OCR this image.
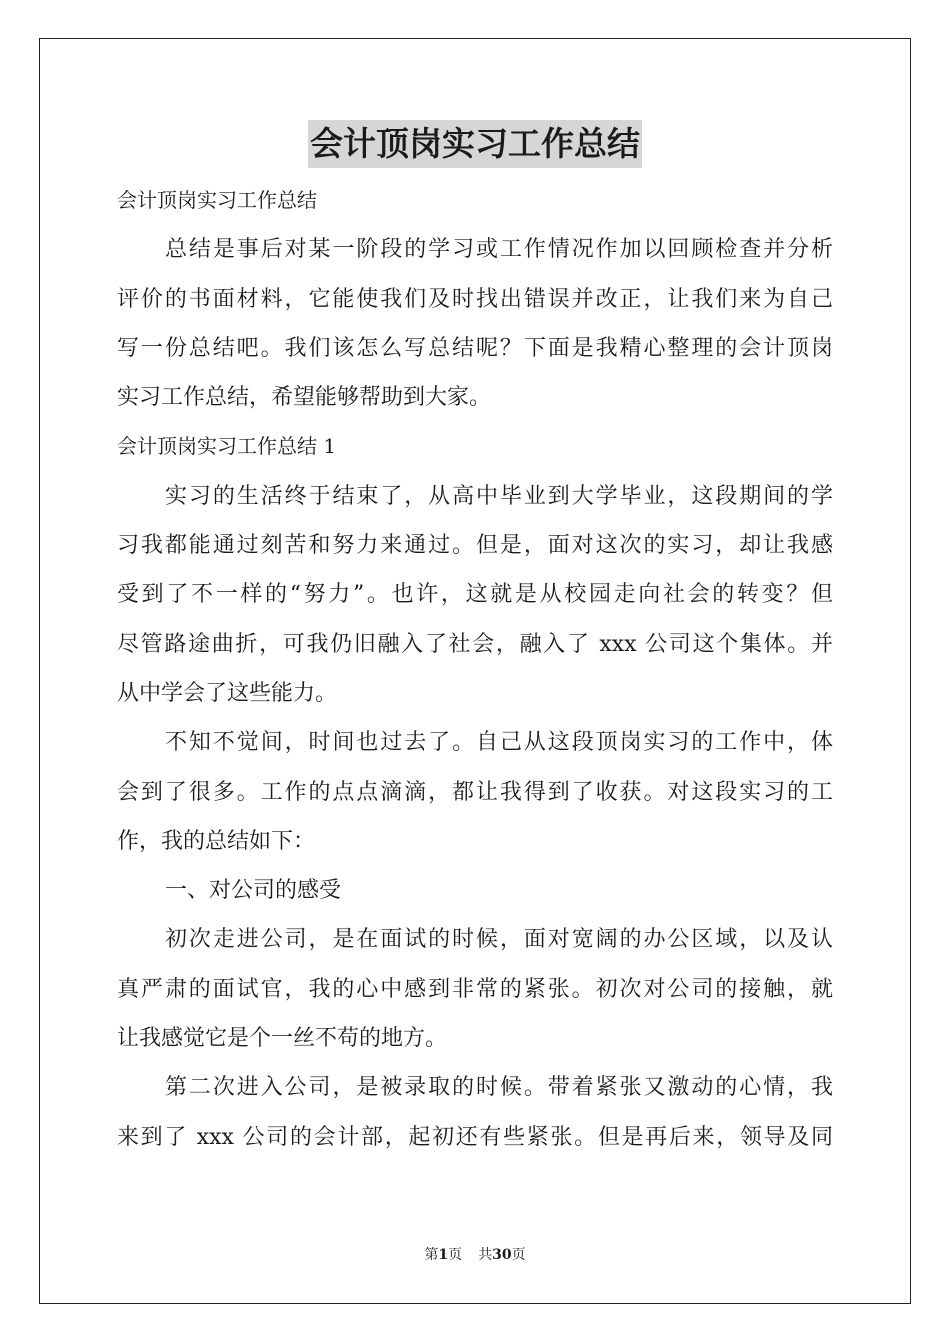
会计顶岗实习工作总结
会计顶岗实习工作总结
总结是事后对某一阶段的学习或工作情况作加以回顾检查并分析
评价的书面材料，它能使我们及时找出错误并改正，让我们来为自己
写一份总结吧。我们该怎么写总结呢？下面是我精心整理的会计顶岗
实习工作总结，希望能够帮助到大家。
会计顶岗实习工作总结 1
实习的生活终于结束了，从高中毕业到大学毕业，这段期间的学
习我都能通过刻苦和努力来通过。但是，面对这次的实习，却让我感
受到了不一样的“努力”。也许，这就是从校园走向社会的转变？但
尽管路途曲折，可我仍旧融入了社会，融入了 xxx 公司这个集体。并
从中学会了这些能力。
不知不觉间，时间也过去了。自己从这段顶岗实习的工作中，体
会到了很多。工作的点点滴滴，都让我得到了收获。对这段实习的工
作，我的总结如下：
一、对公司的感受
初次走进公司，是在面试的时候，面对宽阔的办公区域，以及认
真严肃的面试官，我的心中感到非常的紧张。初次对公司的接触，就
让我感觉它是个一丝不苟的地方。
第二次进入公司，是被录取的时候。带着紧张又激动的心情，我
来到了 xxx 公司的会计部，起初还有些紧张。但是再后来，领导及同
第1页 共30页
